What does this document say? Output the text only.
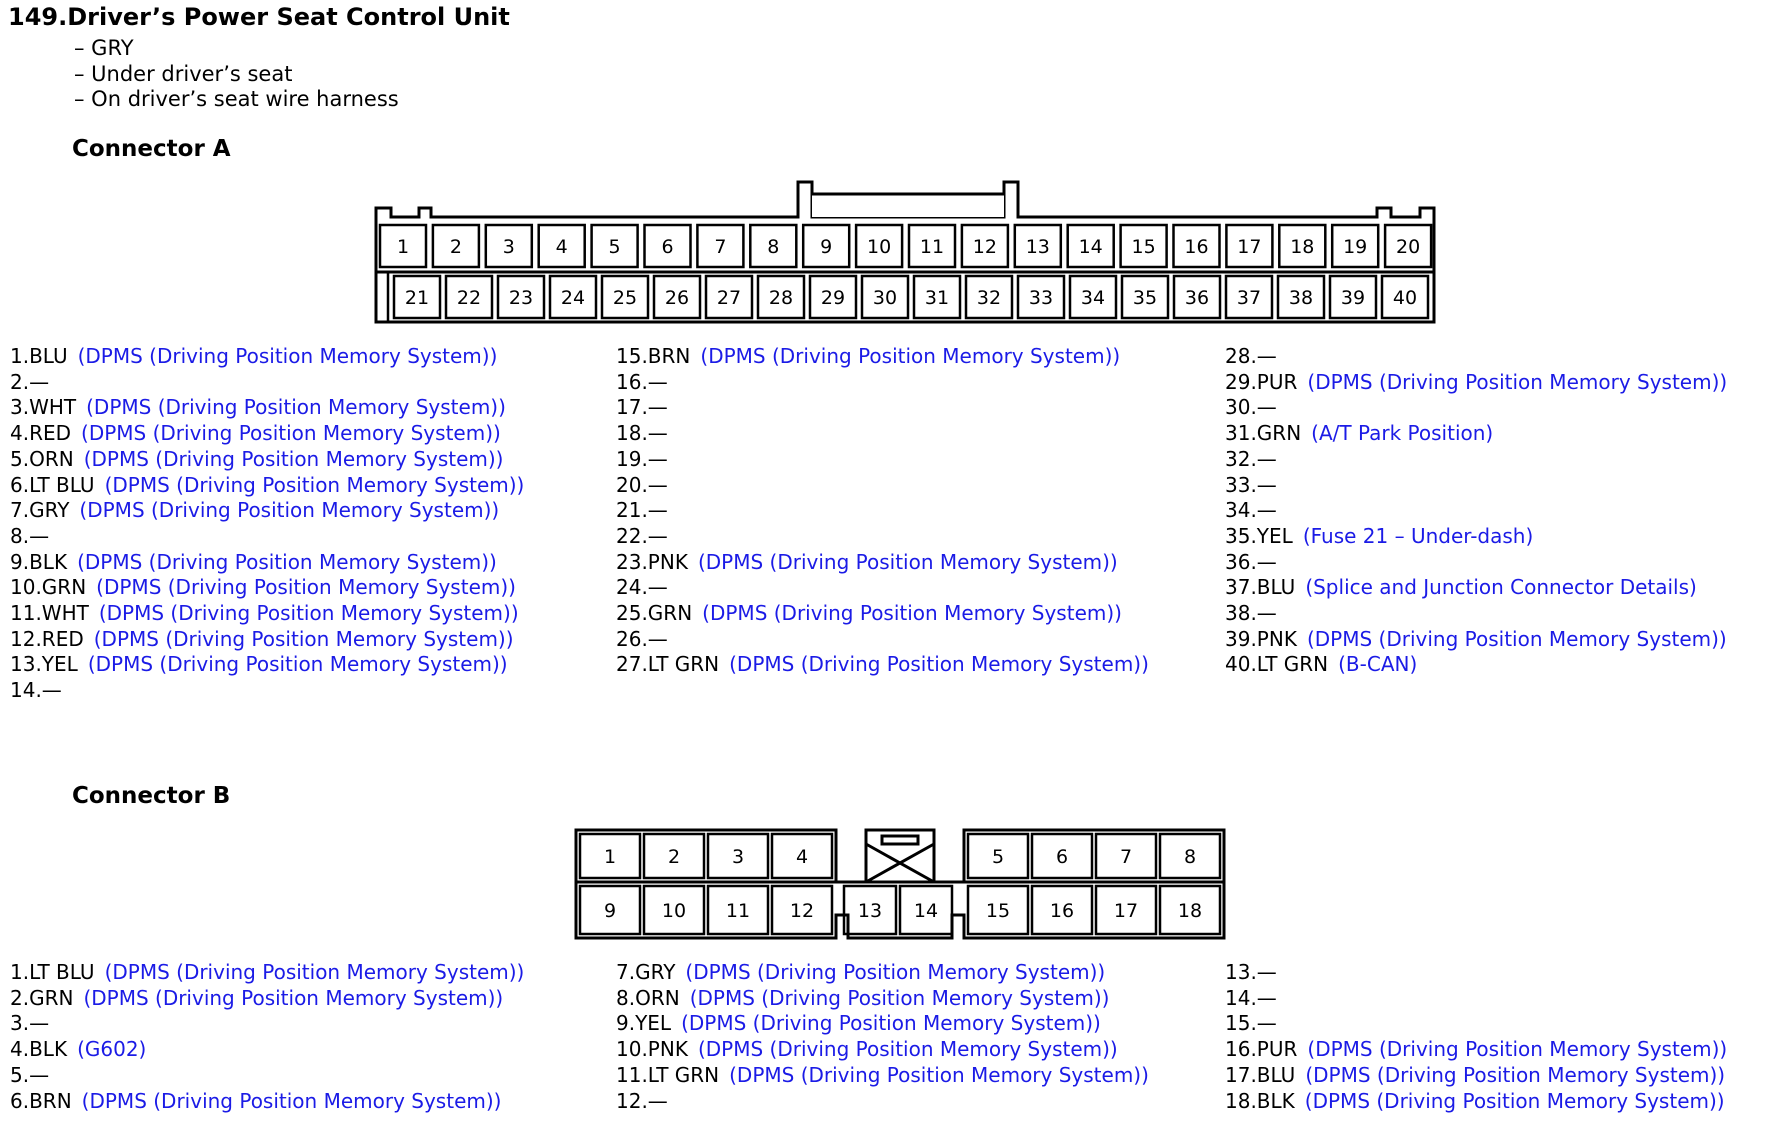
149.Driver’s Power Seat Control Unit
– GRY
– Under driver’s seat
– On driver’s seat wire harness
Connector A
1 2 3 4 5 6 7 8 9 10 11 12 13 14 15 16 17 18 19 20
21 22 23 24 25 26 27 28 29 30 31 32 33 34 35 36 37 38 39 40
1.BLU (DPMS (Driving Position Memory System))
2.—
3.WHT (DPMS (Driving Position Memory System))
4.RED (DPMS (Driving Position Memory System))
5.ORN (DPMS (Driving Position Memory System))
6.LT BLU (DPMS (Driving Position Memory System))
7.GRY (DPMS (Driving Position Memory System))
8.—
9.BLK (DPMS (Driving Position Memory System))
10.GRN (DPMS (Driving Position Memory System))
11.WHT (DPMS (Driving Position Memory System))
12.RED (DPMS (Driving Position Memory System))
13.YEL (DPMS (Driving Position Memory System))
14.—
15.BRN (DPMS (Driving Position Memory System))
16.—
17.—
18.—
19.—
20.—
21.—
22.—
23.PNK (DPMS (Driving Position Memory System))
24.—
25.GRN (DPMS (Driving Position Memory System))
26.—
27.LT GRN (DPMS (Driving Position Memory System))
28.—
29.PUR (DPMS (Driving Position Memory System))
30.—
31.GRN (A/T Park Position)
32.—
33.—
34.—
35.YEL (Fuse 21 – Under-dash)
36.—
37.BLU (Splice and Junction Connector Details)
38.—
39.PNK (DPMS (Driving Position Memory System))
40.LT GRN (B-CAN)
Connector B
1	2	3	4	5	6	7	8
9 10 11 12 13 14	15 16 17 18
1.LT BLU (DPMS (Driving Position Memory System))
2.GRN (DPMS (Driving Position Memory System))
3.—
4.BLK (G602)
5.—
6.BRN (DPMS (Driving Position Memory System))
7.GRY (DPMS (Driving Position Memory System))
8.ORN (DPMS (Driving Position Memory System))
9.YEL (DPMS (Driving Position Memory System))
10.PNK (DPMS (Driving Position Memory System))
11.LT GRN (DPMS (Driving Position Memory System))
12.—
13.—
14.—
15.—
16.PUR (DPMS (Driving Position Memory System))
17.BLU (DPMS (Driving Position Memory System))
18.BLK (DPMS (Driving Position Memory System))
